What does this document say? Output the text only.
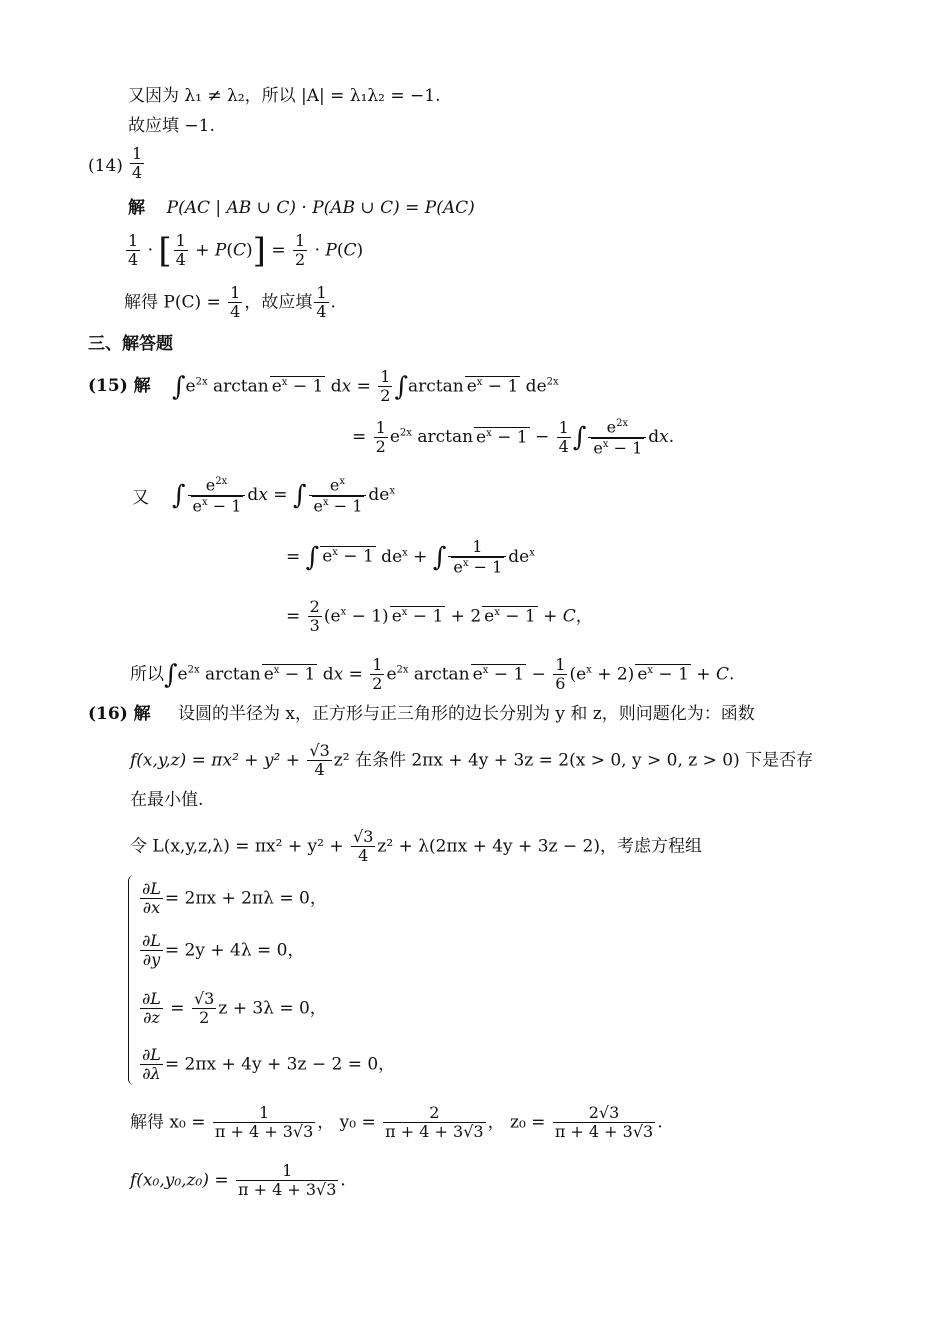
又因为 λ₁ ≠ λ₂，所以 |A| = λ₁λ₂ = −1.
故应填 −1.
$(14) \frac{1}{4}$
解 P(AC | AB ∪ C) · P(AB ∪ C) = P(AC)
$\frac{1}{4}$ · [ $\frac{1}{4} + P(C)] = \frac{1}{2} \cdot P(C)$
解得 $P(C) = \frac{1}{4}$ ，故应填 $\frac{1}{4}$ .
三、解答题
(15) 解 $\int e^{2x}$ $\arctan e^x - 1$ dx = $\frac{1}{2} \int\arctan$ $e^x - 1$ $de^{2x}$
= $\frac{1}{2} e^{2x}$ $\arctan e^x - 1 - \frac{1}{4}$ ∫ $\frac{e^{2x}}{e^x - 1}$ dx.
又 ∫ $\frac{e^{2x}}{e^x - 1}$ dx = ∫ $\frac{e^x}{e^x - 1} de^x$
= ∫ $e^x - 1$ $de^x$ + ∫ $\frac{1}{e^x - 1} de^x$
= $\frac{2}{3} (e^x - 1) e^x - 1 + 2$ $e^x - 1 + C$，
所以$\int e^{2x}$ $\arctan e^x - 1$ dx = $\frac{1}{2} e^{2x}$ $\arctan e^x - 1 - \frac{1}{6} (e^x + 2) e^x - 1 + C$.
(16) 解 设圆的半径为 x，正方形与正三角形的边长分别为 y 和 z，则问题化为：函数
$f(x,y,z) = \pi x^2 + y^2 + \frac{√3}{4} z^2$ 在条件 2πx + 4y + 3z = 2(x > 0, y > 0, z > 0) 下是否存
在最小值.
令 $L(x,y,z,\lambda) = \pi x^2 + y^2 + \frac{√3}{4} z^2 + \lambda(2\pi x + 4y + 3z - 2)$，考虑方程组
$\frac{\partial L}{\partial x} = 2\pi x + 2\pi\lambda = 0$，
$\frac{\partial L}{\partial y} = 2y + 4\lambda = 0$，
$\frac{\partial L}{\partial z} = \frac{√3}{2}$ z + 3λ = 0，
$\frac{\partial L}{\partial\lambda} = 2\pi x + 4y + 3z - 2 = 0$，
解得 $x_0 = \frac{1}{\pi + 4 + 3√3}$ ， $y_0 = \frac{2}{\pi + 4 + 3√3}$ ， $z_0 = \frac{2√3}{\pi + 4 + 3√3}$ .
$f(x_0,y_0,z_0) = \frac{1}{\pi + 4 + 3√3}$ .
